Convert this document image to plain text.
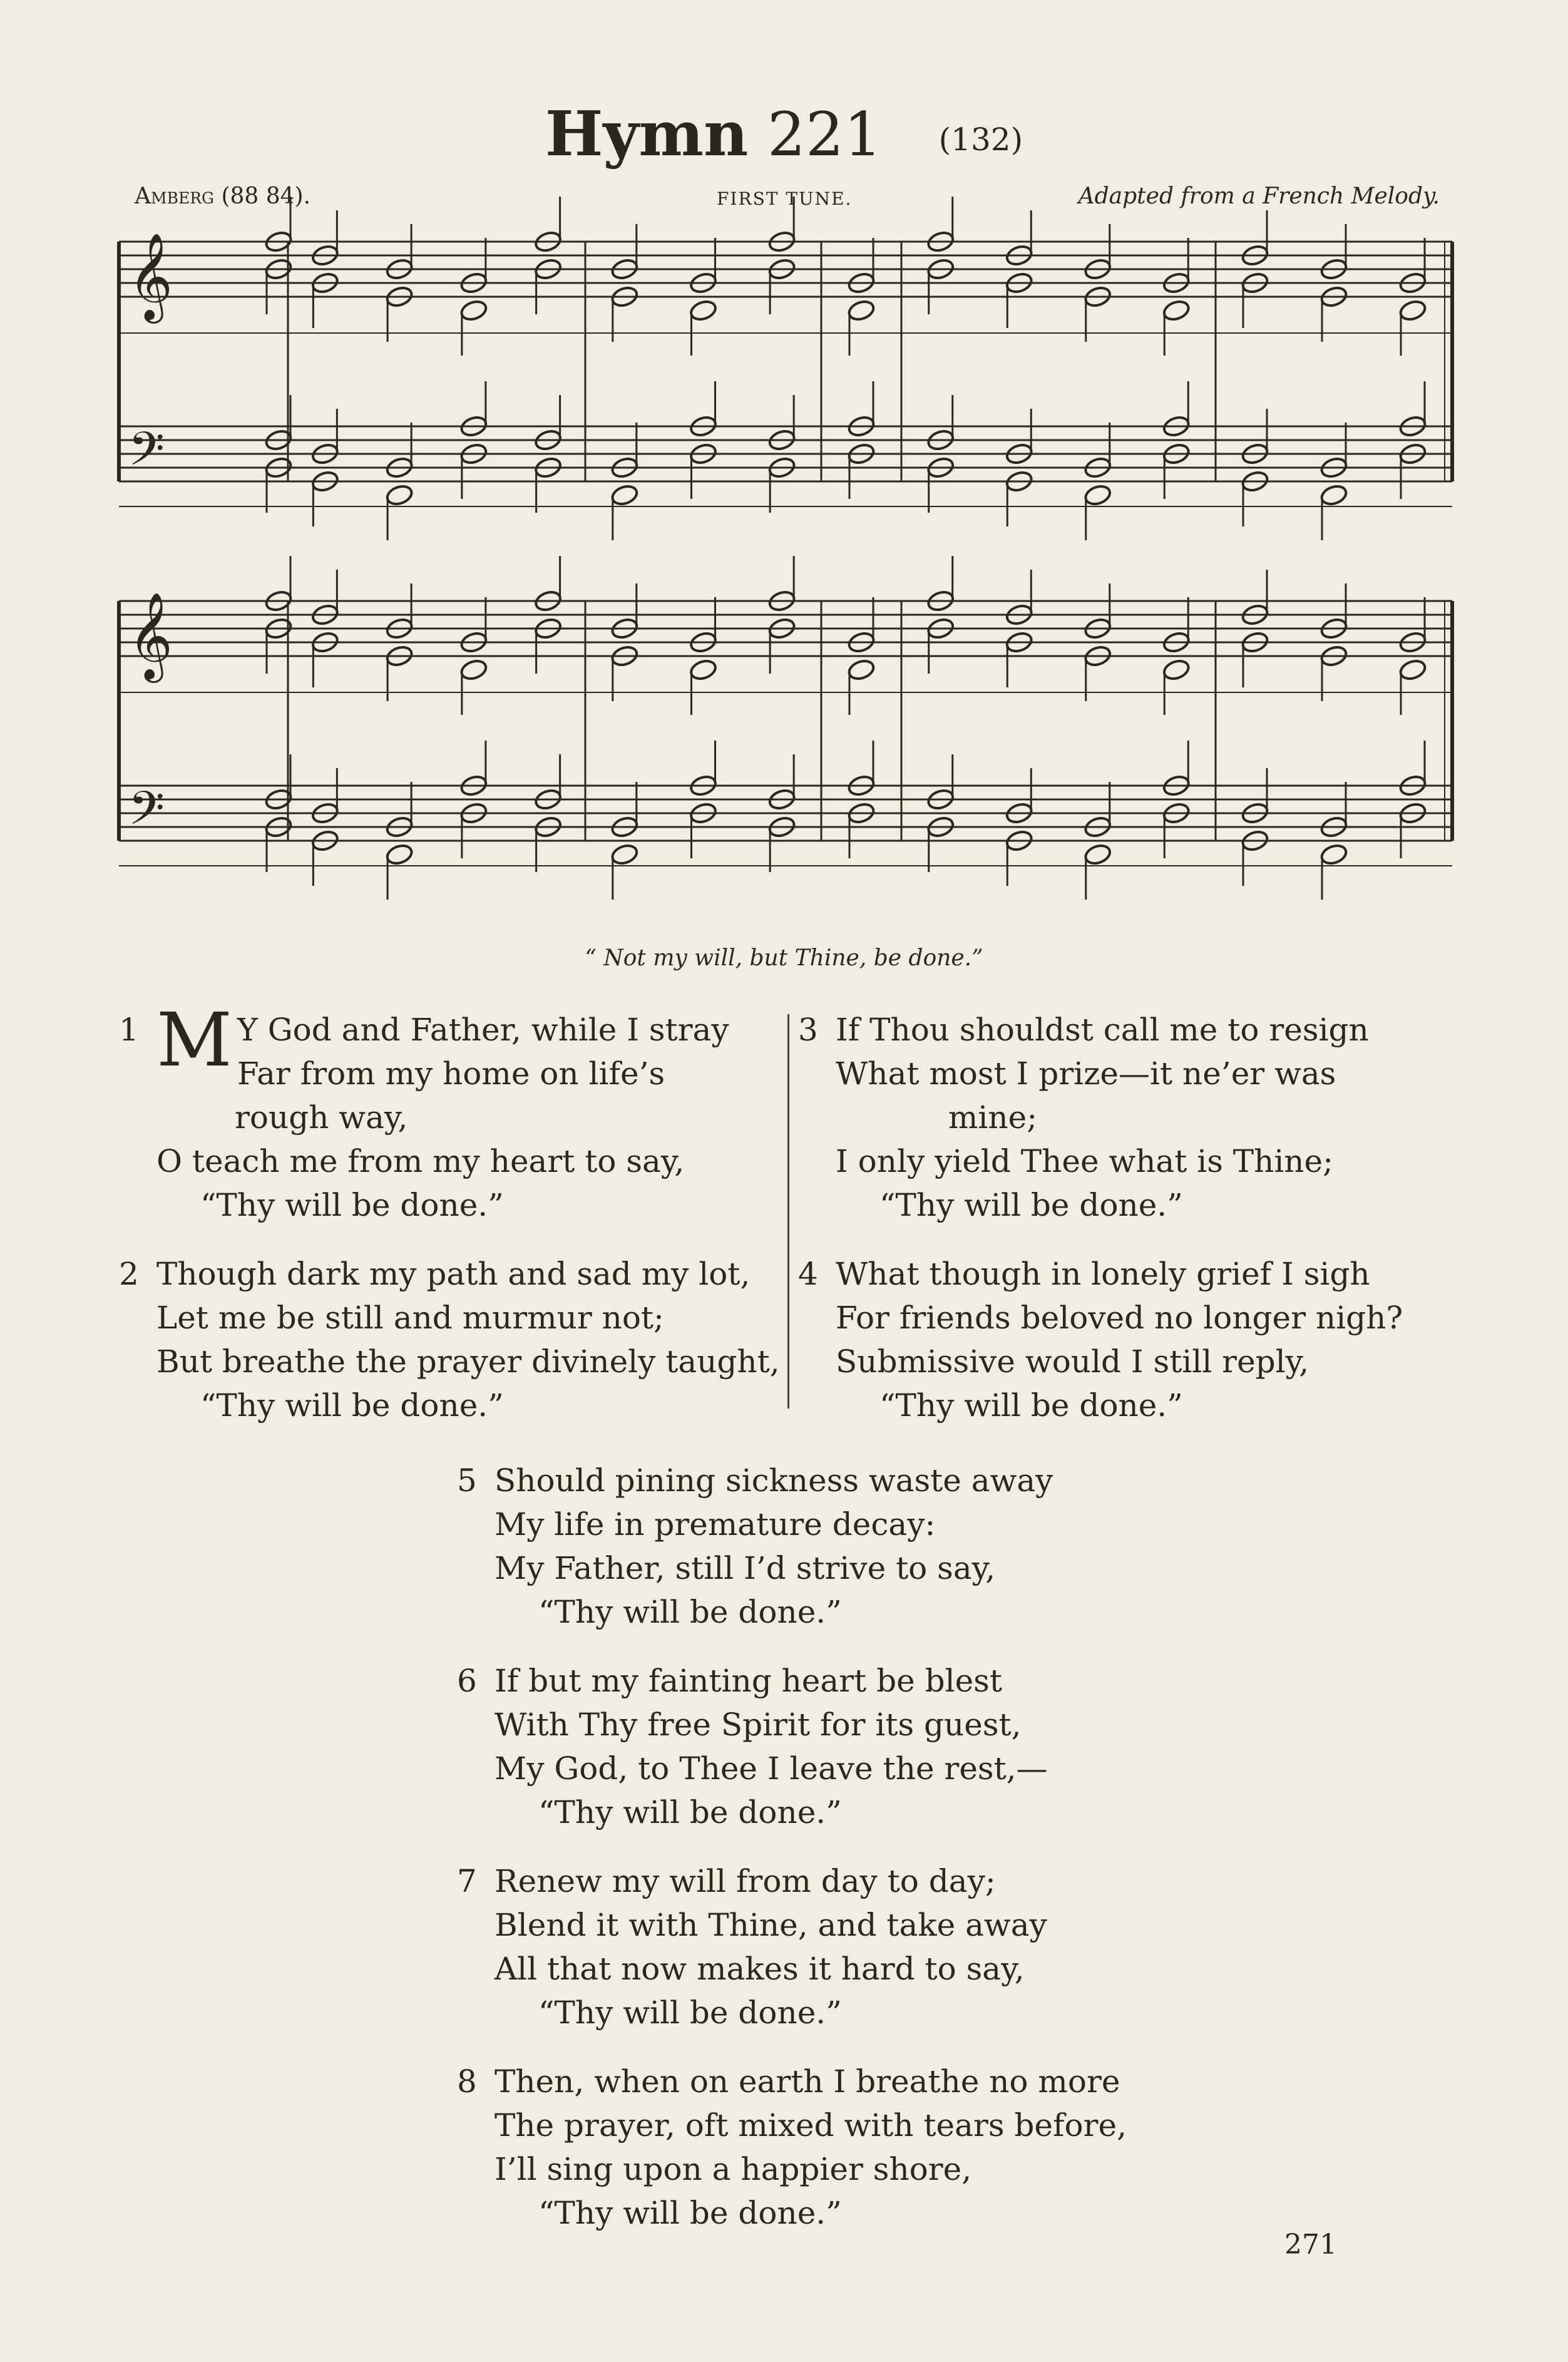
Hymn 221 (132)
Amberg (88 84).	FIRST TUNE.	Adapted from a French Melody.
𝄞
𝄢
𝄞
𝄢
“ Not my will, but Thine, be done.”
1 M Y God and Father, while I stray
Far from my home on life’s
rough way,
O teach me from my heart to say,
“Thy will be done.”
2 Though dark my path and sad my lot,
Let me be still and murmur not;
But breathe the prayer divinely taught,
“Thy will be done.”
3 If Thou shouldst call me to resign
What most I prize—it ne’er was
mine;
I only yield Thee what is Thine;
“Thy will be done.”
4 What though in lonely grief I sigh
For friends beloved no longer nigh?
Submissive would I still reply,
“Thy will be done.”
5 Should pining sickness waste away
My life in premature decay:
My Father, still I’d strive to say,
“Thy will be done.”
6 If but my fainting heart be blest
With Thy free Spirit for its guest,
My God, to Thee I leave the rest,—
“Thy will be done.”
7 Renew my will from day to day;
Blend it with Thine, and take away
All that now makes it hard to say,
“Thy will be done.”
8 Then, when on earth I breathe no more
The prayer, oft mixed with tears before,
I’ll sing upon a happier shore,
“Thy will be done.”
271
